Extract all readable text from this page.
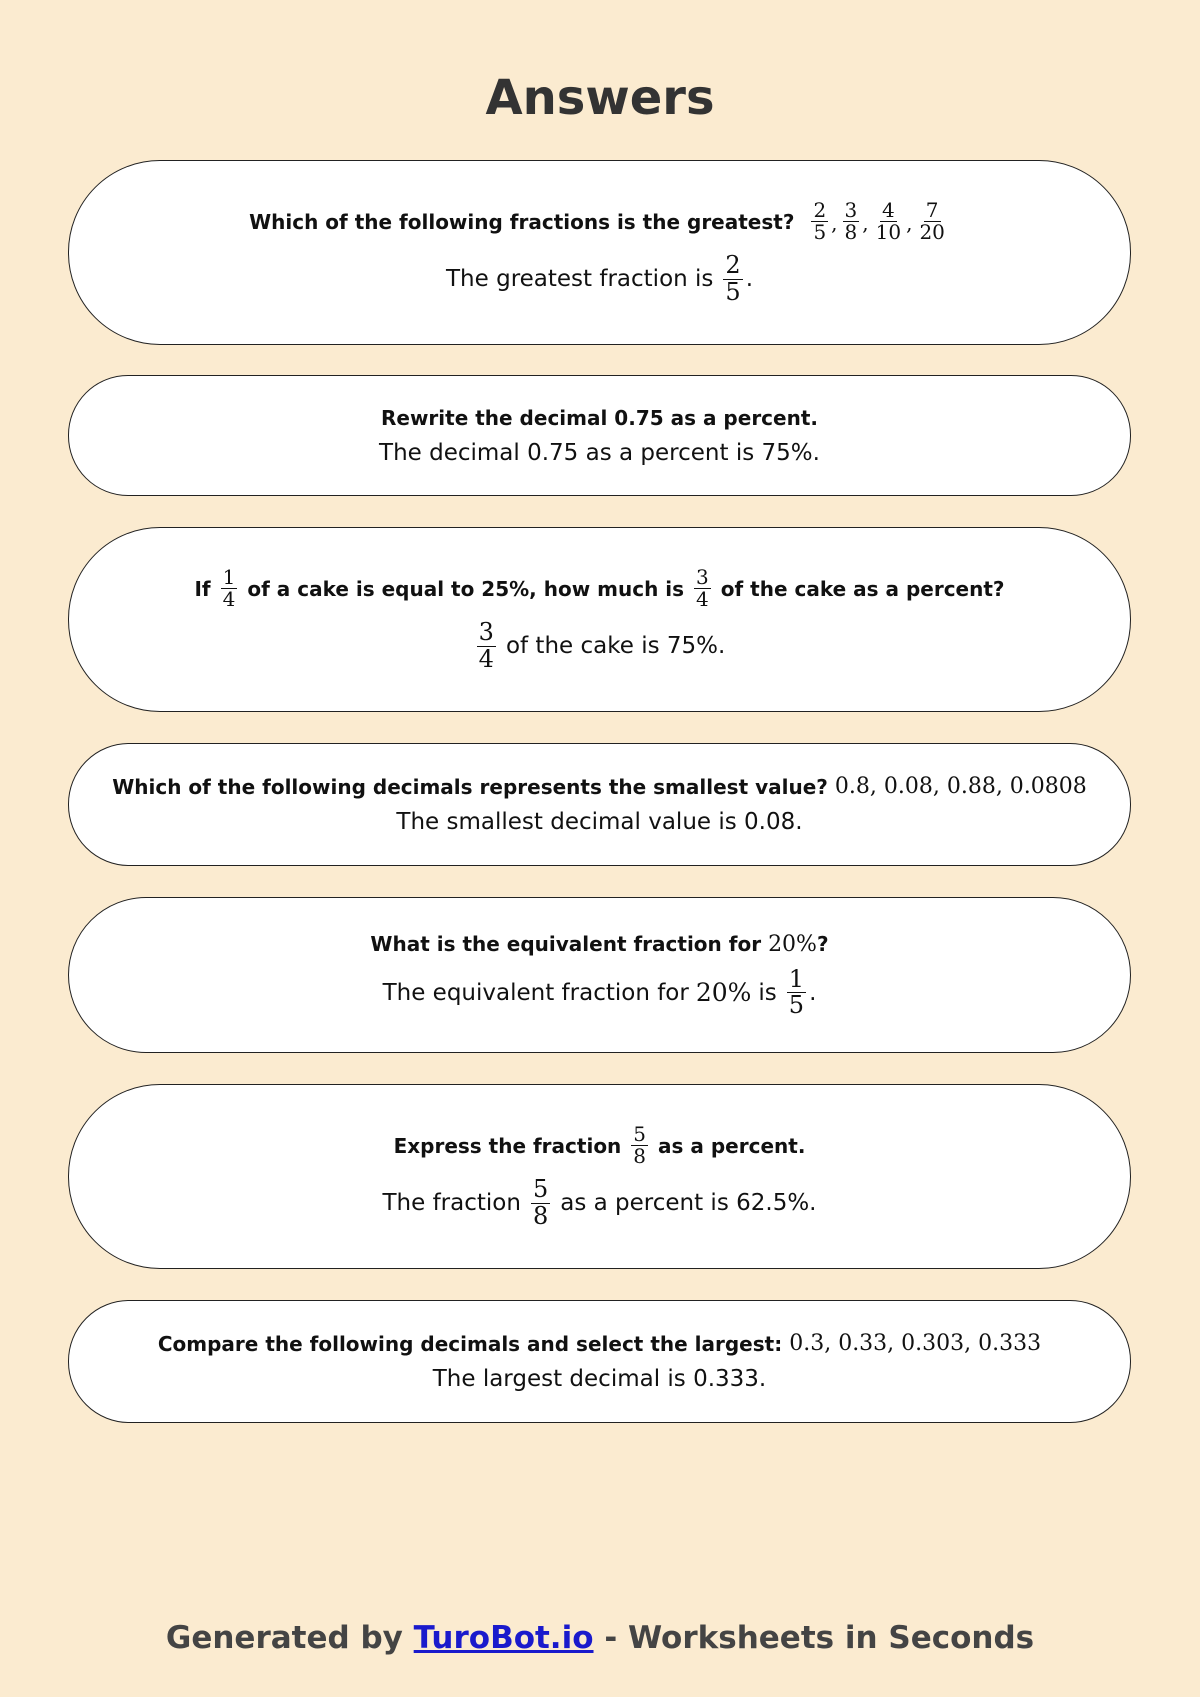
Answers
Which of the following fractions is the greatest? $\frac{2}{5}$ , $\frac{3}{8}$ , $\frac{4}{10}$ , $\frac{7}{20}$
The greatest fraction is $\frac{2}{5}$ .
Rewrite the decimal 0.75 as a percent.
The decimal 0.75 as a percent is 75%.
If $\frac{1}{4}$ of a cake is equal to 25%, how much is $\frac{3}{4}$ of the cake as a percent?
$\frac{3}{4}$ of the cake is 75%.
Which of the following decimals represents the smallest value? 0.8, 0.08, 0.88, 0.0808
The smallest decimal value is 0.08.
What is the equivalent fraction for 20% ?
The equivalent fraction for 20% is $\frac{1}{5}$ .
Express the fraction $\frac{5}{8}$ as a percent.
The fraction $\frac{5}{8}$ as a percent is 62.5%.
Compare the following decimals and select the largest: 0.3, 0.33, 0.303, 0.333
The largest decimal is 0.333.
Generated by TuroBot.io - Worksheets in Seconds
